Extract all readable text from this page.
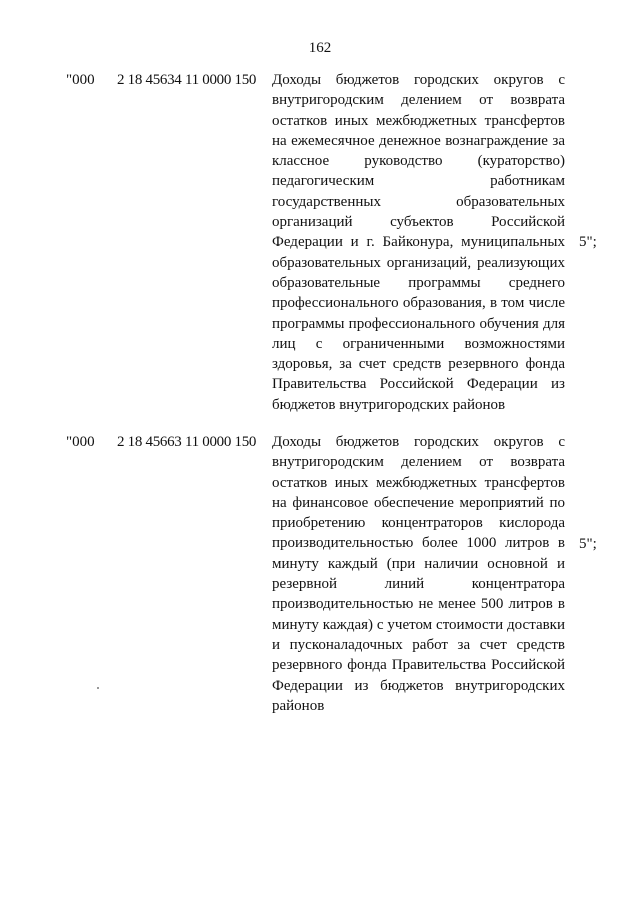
162
"000 2 18 45634 11 0000 150 Доходы бюджетов городских округов с
внутригородским делением от возврата
остатков иных межбюджетных трансфертов
на ежемесячное денежное вознаграждение за
классное руководство (кураторство)
педагогическим работникам
государственных образовательных
организаций субъектов Российской
Федерации и г. Байконура, муниципальных
образовательных организаций, реализующих
образовательные программы среднего
профессионального образования, в том числе
программы профессионального обучения для
лиц с ограниченными возможностями
здоровья, за счет средств резервного фонда
Правительства Российской Федерации из
бюджетов внутригородских районов
5";
"000 2 18 45663 11 0000 150 Доходы бюджетов городских округов с
внутригородским делением от возврата
остатков иных межбюджетных трансфертов
на финансовое обеспечение мероприятий по
приобретению концентраторов кислорода
производительностью более 1000 литров в
минуту каждый (при наличии основной и
резервной линий концентратора
производительностью не менее 500 литров в
минуту каждая) с учетом стоимости доставки
и пусконаладочных работ за счет средств
резервного фонда Правительства Российской
Федерации из бюджетов внутригородских
районов
5";
